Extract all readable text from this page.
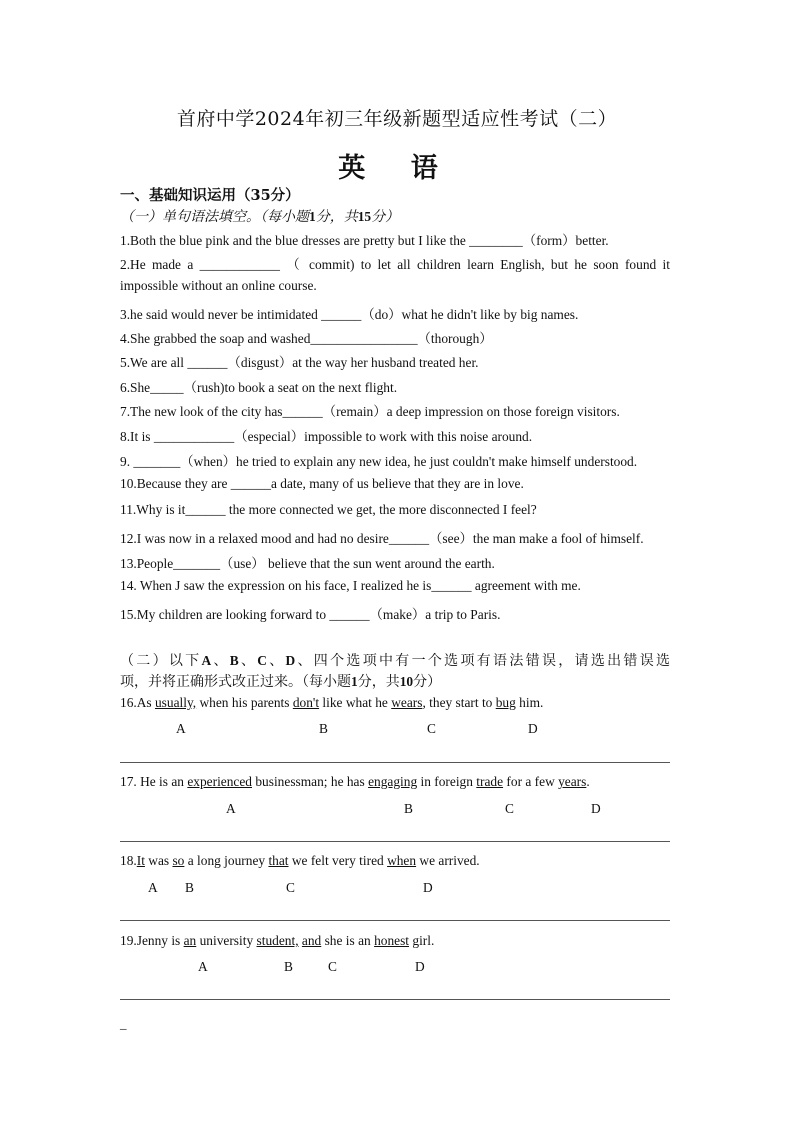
首府中学2024年初三年级新题型适应性考试（二）
英 语
一、基础知识运用（35分）
（一）单句语法填空。（每小题1分，共15分）
1.Both the blue pink and the blue dresses are pretty but I like the ________（form）better.
2.He made a ____________ （ commit) to let all children learn English, but he soon found it
impossible without an online course.
3.he said would never be intimidated ______（do）what he didn't like by big names.
4.She grabbed the soap and washed________________（thorough）
5.We are all ______（disgust）at the way her husband treated her.
6.She_____（rush)to book a seat on the next flight.
7.The new look of the city has______（remain）a deep impression on those foreign visitors.
8.It is ____________（especial）impossible to work with this noise around.
9. _______（when）he tried to explain any new idea, he just couldn't make himself understood.
10.Because they are ______a date, many of us believe that they are in love.
11.Why is it______ the more connected we get, the more disconnected I feel?
12.I was now in a relaxed mood and had no desire______（see）the man make a fool of himself.
13.People_______（use） believe that the sun went around the earth.
14. When J saw the expression on his face, I realized he is______ agreement with me.
15.My children are looking forward to ______（make）a trip to Paris.
（二）以下A、B、C、D、四个选项中有一个选项有语法错误，请选出错误选
项，并将正确形式改正过来。（每小题1分，共10分）
16.As usually, when his parents don't like what he wears, they start to bug him.
A	B	C	D
17. He is an experienced businessman; he has engaging in foreign trade for a few years.
A	B	C	D
18.It was so a long journey that we felt very tired when we arrived.
A B	C	D
19.Jenny is an university student, and she is an honest girl.
A	B	C	D
_
